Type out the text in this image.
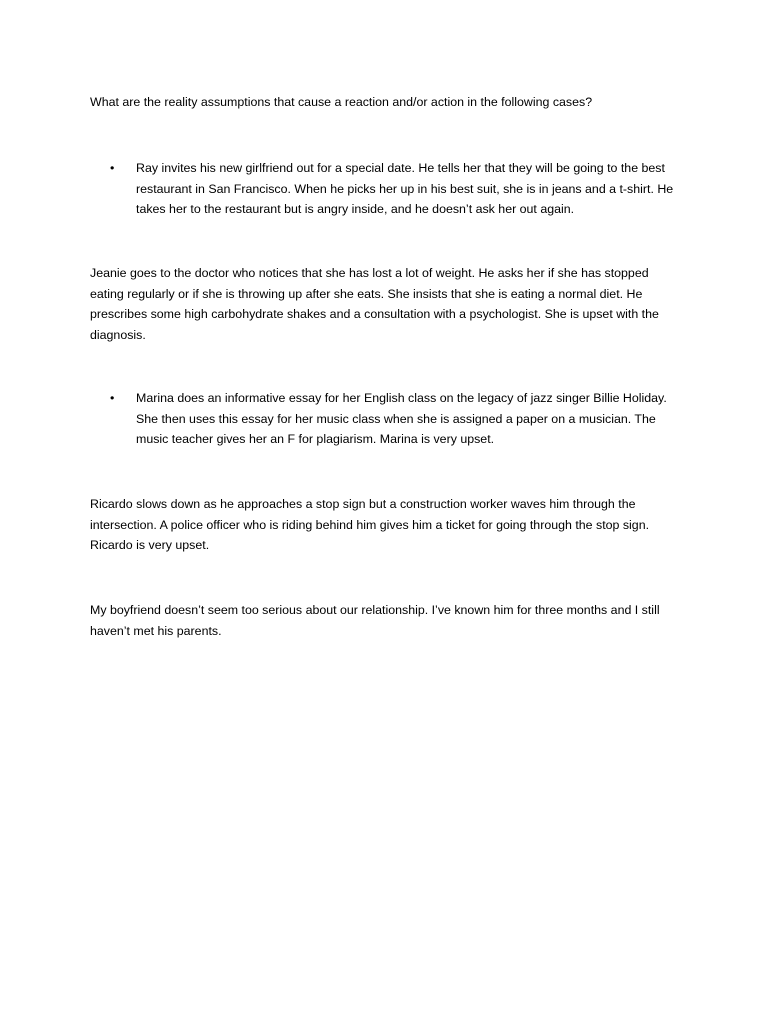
What are the reality assumptions that cause a reaction and/or action in the following cases?
•	Ray invites his new girlfriend out for a special date. He tells her that they will be going to the best restaurant in San Francisco. When he picks her up in his best suit, she is in jeans and a t-shirt. He takes her to the restaurant but is angry inside, and he doesn’t ask her out again.
Jeanie goes to the doctor who notices that she has lost a lot of weight. He asks her if she has stopped eating regularly or if she is throwing up after she eats. She insists that she is eating a normal diet. He prescribes some high carbohydrate shakes and a consultation with a psychologist. She is upset with the diagnosis.
•	Marina does an informative essay for her English class on the legacy of jazz singer Billie Holiday. She then uses this essay for her music class when she is assigned a paper on a musician. The music teacher gives her an F for plagiarism. Marina is very upset.
Ricardo slows down as he approaches a stop sign but a construction worker waves him through the intersection. A police officer who is riding behind him gives him a ticket for going through the stop sign. Ricardo is very upset.
My boyfriend doesn’t seem too serious about our relationship. I’ve known him for three months and I still haven’t met his parents.
